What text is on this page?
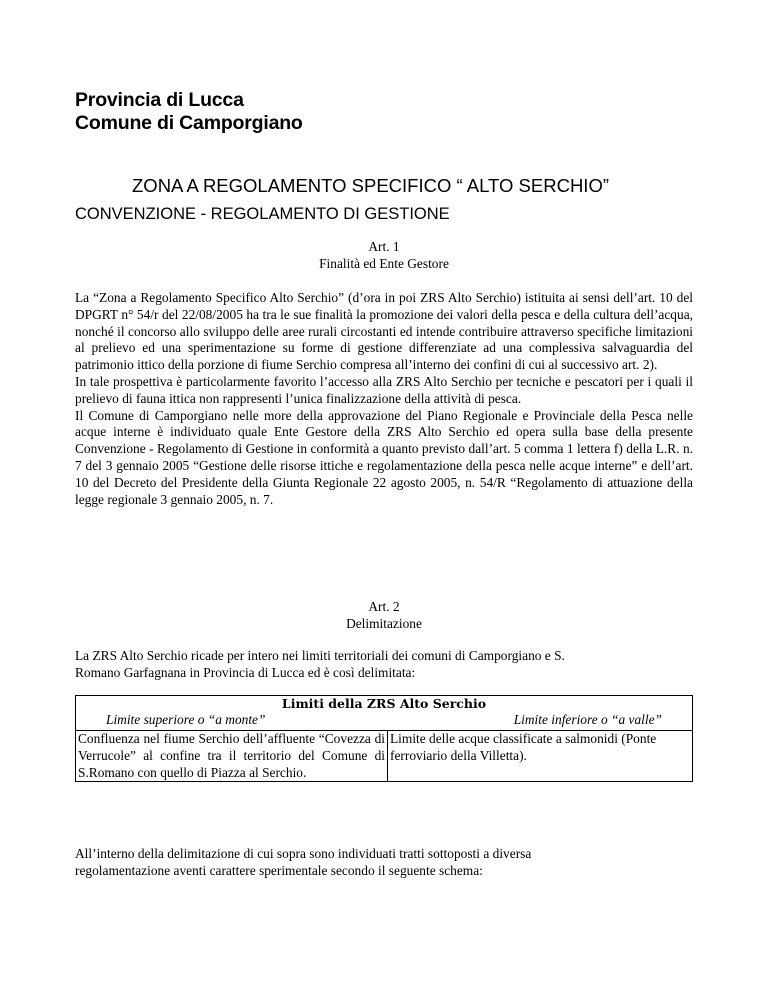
Provincia di Lucca
Comune di Camporgiano
ZONA A REGOLAMENTO SPECIFICO “ ALTO SERCHIO”
CONVENZIONE - REGOLAMENTO DI GESTIONE
Art. 1
Finalità ed Ente Gestore

La “Zona a Regolamento Specifico Alto Serchio” (d’ora in poi ZRS Alto Serchio) istituita ai sensi dell’art. 10 del DPGRT n° 54/r del 22/08/2005 ha tra le sue finalità la promozione dei valori della pesca e della cultura dell’acqua, nonché il concorso allo sviluppo delle aree rurali circostanti ed intende contribuire attraverso specifiche limitazioni al prelievo ed una sperimentazione su forme di gestione differenziate ad una complessiva salvaguardia del patrimonio ittico della porzione di fiume Serchio compresa all’interno dei confini di cui al successivo art. 2).

In tale prospettiva è particolarmente favorito l’accesso alla ZRS Alto Serchio per tecniche e pescatori per i quali il prelievo di fauna ittica non rappresenti l’unica finalizzazione della attività di pesca.

Il Comune di Camporgiano nelle more della approvazione del Piano Regionale e Provinciale della Pesca nelle acque interne è individuato quale Ente Gestore della ZRS Alto Serchio ed opera sulla base della presente Convenzione - Regolamento di Gestione in conformità a quanto previsto dall’art. 5 comma 1 lettera f) della L.R. n. 7 del 3 gennaio 2005 “Gestione delle risorse ittiche e regolamentazione della pesca nelle acque interne” e dell’art. 10 del Decreto del Presidente della Giunta Regionale 22 agosto 2005, n. 54/R “Regolamento di attuazione della legge regionale 3 gennaio 2005, n. 7.

Art. 2
Delimitazione
La ZRS Alto Serchio ricade per intero nei limiti territoriali dei comuni di Camporgiano e S.
Romano Garfagnana in Provincia di Lucca ed è così delimitata:
Limiti della ZRS Alto Serchio
Limite superiore o “a monte”	Limite inferiore o “a valle”

Confluenza nel fiume Serchio dell’affluente “Covezza di Verrucole” al confine tra il territorio del Comune di S.Romano con quello di Piazza al Serchio.	Limite delle acque classificate a salmonidi (Ponte ferroviario della Villetta).
All’interno della delimitazione di cui sopra sono individuati tratti sottoposti a diversa
regolamentazione aventi carattere sperimentale secondo il seguente schema:
